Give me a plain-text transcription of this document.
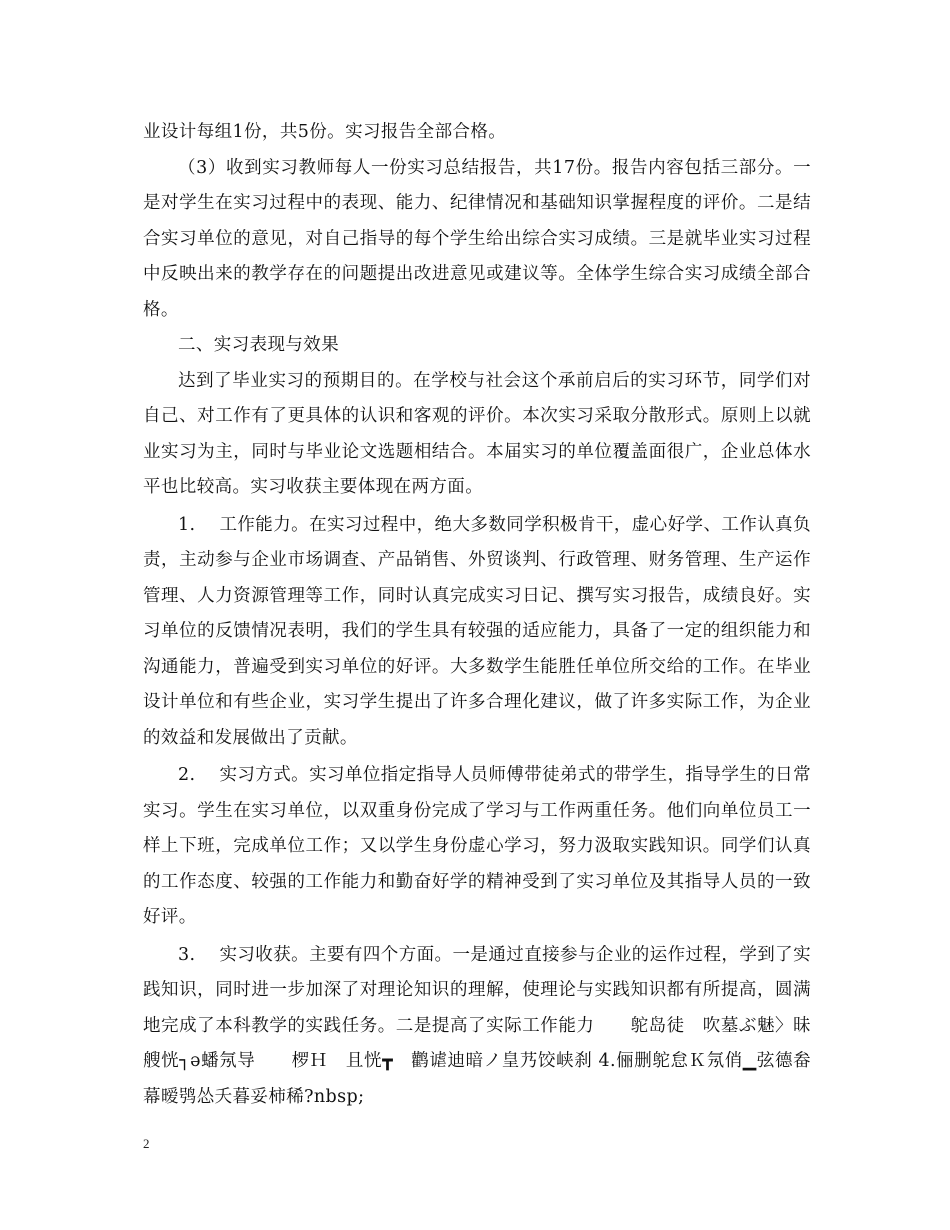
业设计每组1份，共5份。实习报告全部合格。

（3）收到实习教师每人一份实习总结报告，共17份。报告内容包括三部分。一是对学生在实习过程中的表现、能力、纪律情况和基础知识掌握程度的评价。二是结合实习单位的意见，对自己指导的每个学生给出综合实习成绩。三是就毕业实习过程中反映出来的教学存在的问题提出改进意见或建议等。全体学生综合实习成绩全部合格。

二、实习表现与效果

达到了毕业实习的预期目的。在学校与社会这个承前启后的实习环节，同学们对自己、对工作有了更具体的认识和客观的评价。本次实习采取分散形式。原则上以就业实习为主，同时与毕业论文选题相结合。本届实习的单位覆盖面很广，企业总体水平也比较高。实习收获主要体现在两方面。

1.　 工作能力。在实习过程中，绝大多数同学积极肯干，虚心好学、工作认真负责，主动参与企业市场调查、产品销售、外贸谈判、行政管理、财务管理、生产运作管理、人力资源管理等工作，同时认真完成实习日记、撰写实习报告，成绩良好。实习单位的反馈情况表明，我们的学生具有较强的适应能力，具备了一定的组织能力和沟通能力，普遍受到实习单位的好评。大多数学生能胜任单位所交给的工作。在毕业设计单位和有些企业，实习学生提出了许多合理化建议，做了许多实际工作，为企业的效益和发展做出了贡献。

2.　 实习方式。实习单位指定指导人员师傅带徒弟式的带学生，指导学生的日常实习。学生在实习单位，以双重身份完成了学习与工作两重任务。他们向单位员工一样上下班，完成单位工作；又以学生身份虚心学习，努力汲取实践知识。同学们认真的工作态度、较强的工作能力和勤奋好学的精神受到了实习单位及其指导人员的一致好评。

3.　 实习收获。主要有四个方面。一是通过直接参与企业的运作过程，学到了实践知识，同时进一步加深了对理论知识的理解，使理论与实践知识都有所提高，圆满地完成了本科教学的实践任务。二是提高了实际工作能力　　鸵岛徒　吹墓ぶ魅〉昧艘恍┐ə蟠氖导　　椤Ｈ　且恍┳　鹳谑迪暗ノ皇艿饺峡刹 4.俪删鸵怠Ｋ氖俏▁弦德畚幕暧鸮怂夭暮妥柿稀?nbsp;

2
